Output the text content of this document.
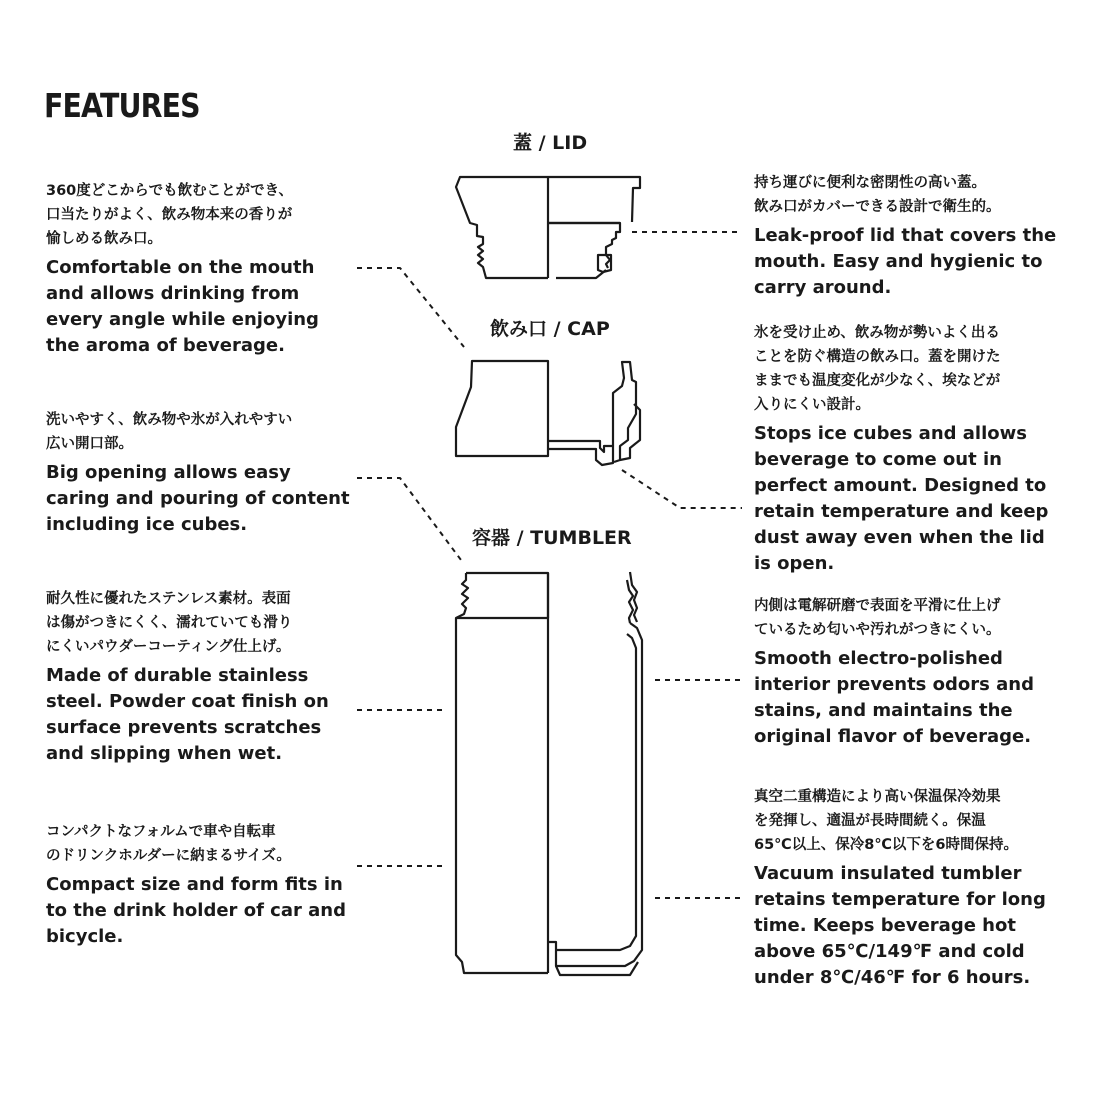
FEATURES
蓋 / LID
飲み口 / CAP
容器 / TUMBLER

360度どこからでも飲むことができ、
口当たりがよく、飲み物本来の香りが
愉しめる飲み口。

Comfortable on the mouth
and allows drinking from
every angle while enjoying
the aroma of beverage.

洗いやすく、飲み物や氷が入れやすい
広い開口部。

Big opening allows easy
caring and pouring of content
including ice cubes.

耐久性に優れたステンレス素材。表面
は傷がつきにくく、濡れていても滑り
にくいパウダーコーティング仕上げ。

Made of durable stainless
steel. Powder coat finish on
surface prevents scratches
and slipping when wet.

コンパクトなフォルムで車や自転車
のドリンクホルダーに納まるサイズ。

Compact size and form fits in
to the drink holder of car and
bicycle.

持ち運びに便利な密閉性の高い蓋。
飲み口がカバーできる設計で衛生的。

Leak-proof lid that covers the
mouth. Easy and hygienic to
carry around.

氷を受け止め、飲み物が勢いよく出る
ことを防ぐ構造の飲み口。蓋を開けた
ままでも温度変化が少なく、埃などが
入りにくい設計。

Stops ice cubes and allows
beverage to come out in
perfect amount. Designed to
retain temperature and keep
dust away even when the lid
is open.

内側は電解研磨で表面を平滑に仕上げ
ているため匂いや汚れがつきにくい。

Smooth electro-polished
interior prevents odors and
stains, and maintains the
original flavor of beverage.

真空二重構造により高い保温保冷効果
を発揮し、適温が長時間続く。保温
65℃以上、保冷8℃以下を6時間保持。

Vacuum insulated tumbler
retains temperature for long
time. Keeps beverage hot
above 65℃/149℉ and cold
under 8℃/46℉ for 6 hours.
